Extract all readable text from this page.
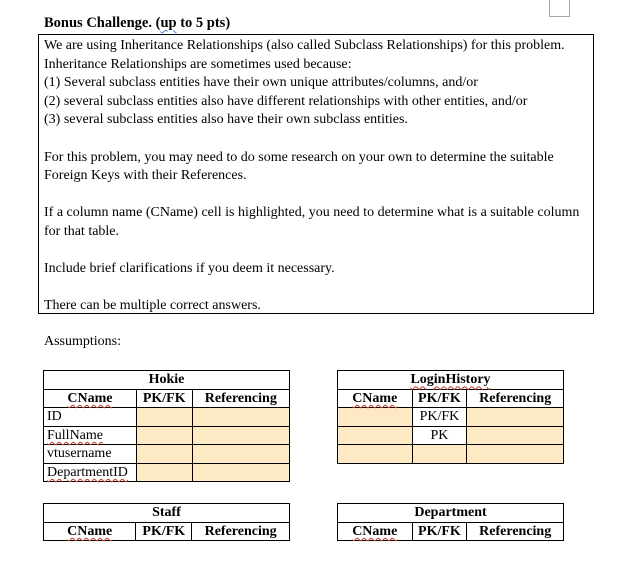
Bonus Challenge. (up to 5 pts)

We are using Inheritance Relationships (also called Subclass Relationships) for this problem.

Inheritance Relationships are sometimes used because:

(1) Several subclass entities have their own unique attributes/columns, and/or

(2) several subclass entities also have different relationships with other entities, and/or

(3) several subclass entities also have their own subclass entities.

For this problem, you may need to do some research on your own to determine the suitable

Foreign Keys with their References.

If a column name (CName) cell is highlighted, you need to determine what is a suitable column

for that table.

Include brief clarifications if you deem it necessary.

There can be multiple correct answers.

Assumptions:
Hokie		
CName	PK/FK	Referencing
ID		
FullName		
vtusername		
DepartmentID		
LoginHistory		
CName	PK/FK	Referencing
	PK/FK	
	PK	

Staff
CName	PK/FK	Referencing
Department
CName	PK/FK	Referencing
